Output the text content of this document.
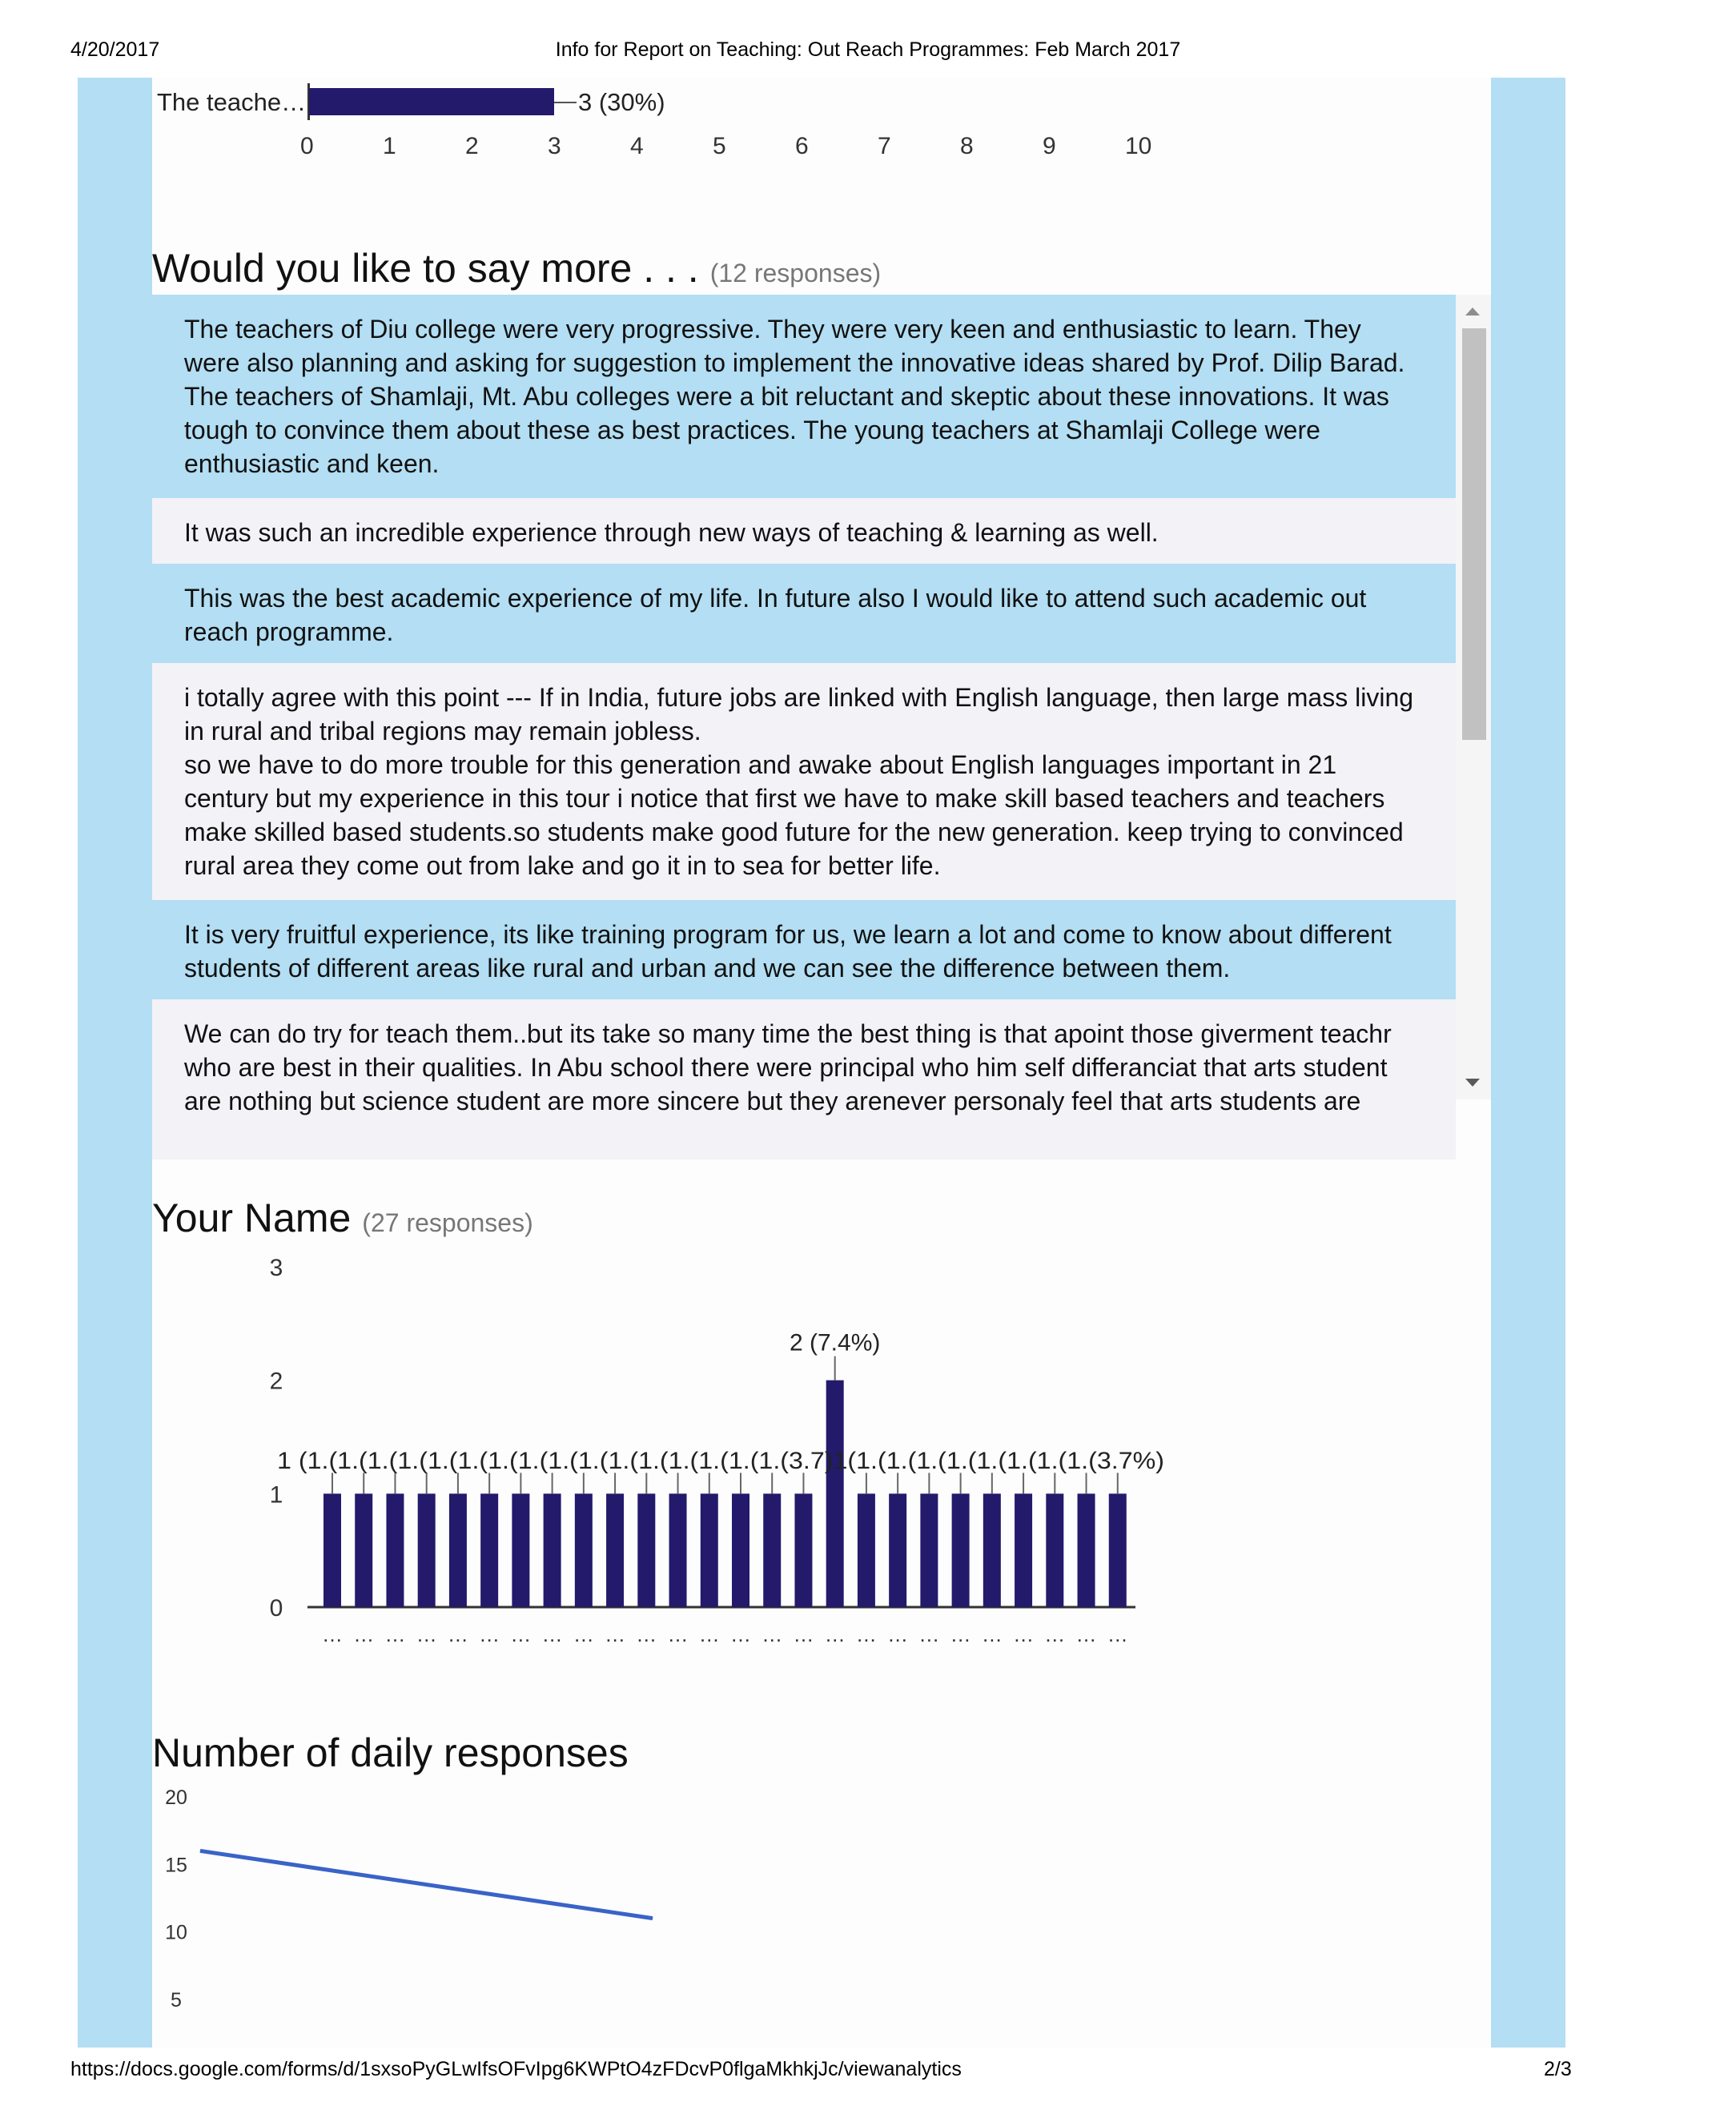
4/20/2017	Info for Report on Teaching: Out Reach Programmes: Feb March 2017
The teache…	3 (30%)
0	1	2	3	4	5	6	7	8	9	10
Would you like to say more . . . (12 responses)
The teachers of Diu college were very progressive. They were very keen and enthusiastic to learn. They were also planning and asking for suggestion to implement the innovative ideas shared by Prof. Dilip Barad. The teachers of Shamlaji, Mt. Abu colleges were a bit reluctant and skeptic about these innovations. It was tough to convince them about these as best practices. The young teachers at Shamlaji College were enthusiastic and keen.
It was such an incredible experience through new ways of teaching & learning as well.
This was the best academic experience of my life. In future also I would like to attend such academic out reach programme.
i totally agree with this point --- If in India, future jobs are linked with English language, then large mass living in rural and tribal regions may remain jobless.
so we have to do more trouble for this generation and awake about English languages important in 21 century but my experience in this tour i notice that first we have to make skill based teachers and teachers make skilled based students.so students make good future for the new generation. keep trying to convinced rural area they come out from lake and go it in to sea for better life.
It is very fruitful experience, its like training program for us, we learn a lot and come to know about different students of different areas like rural and urban and we can see the difference between them.
We can do try for teach them..but its take so many time the best thing is that apoint those giverment teachr who are best in their qualities. In Abu school there were principal who him self differanciat that arts student are nothing but science student are more sincere but they arenever personaly feel that arts students are
Your Name (27 responses)
0
1
2
3
… … … … … … … … … … … … … … … …
2 (7.4%)
… … … … … … … … … …
1 (1.(1.(1.(1.(1.(1.(1.(1.(1.(1.(1.(1.(1.(1.(1.(1.(3.7)1(1.(1.(1.(1.(1.(1.(1.(1.(3.7%)
Number of daily responses
5
10
15
20
https://docs.google.com/forms/d/1sxsoPyGLwIfsOFvIpg6KWPtO4zFDcvP0flgaMkhkjJc/viewanalytics	2/3
